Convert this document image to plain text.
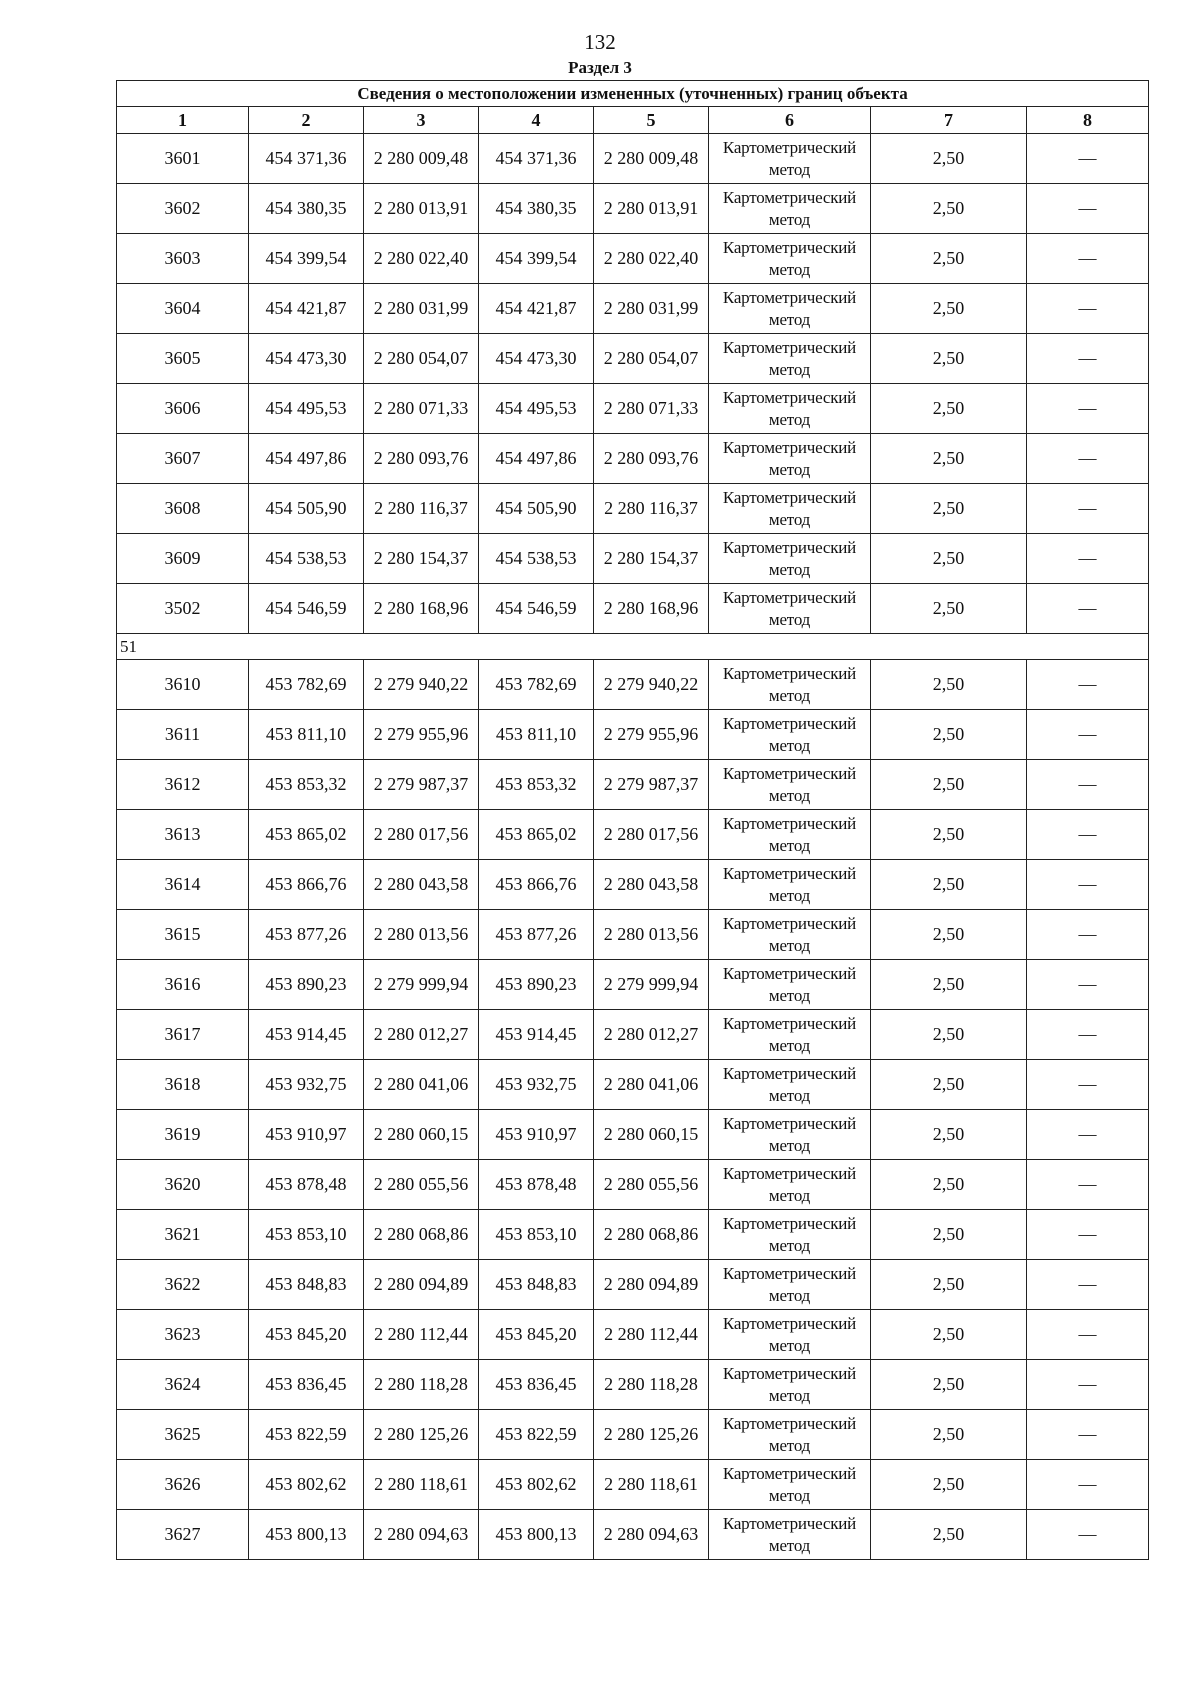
132
Раздел 3
Сведения о местоположении измененных (уточненных) границ объекта							
1	2	3	4	5	6	7	8
3601	454 371,36	2 280 009,48	454 371,36	2 280 009,48	Картометрический метод	2,50	—
3602	454 380,35	2 280 013,91	454 380,35	2 280 013,91	Картометрический метод	2,50	—
3603	454 399,54	2 280 022,40	454 399,54	2 280 022,40	Картометрический метод	2,50	—
3604	454 421,87	2 280 031,99	454 421,87	2 280 031,99	Картометрический метод	2,50	—
3605	454 473,30	2 280 054,07	454 473,30	2 280 054,07	Картометрический метод	2,50	—
3606	454 495,53	2 280 071,33	454 495,53	2 280 071,33	Картометрический метод	2,50	—
3607	454 497,86	2 280 093,76	454 497,86	2 280 093,76	Картометрический метод	2,50	—
3608	454 505,90	2 280 116,37	454 505,90	2 280 116,37	Картометрический метод	2,50	—
3609	454 538,53	2 280 154,37	454 538,53	2 280 154,37	Картометрический метод	2,50	—
3502	454 546,59	2 280 168,96	454 546,59	2 280 168,96	Картометрический метод	2,50	—
51							
3610	453 782,69	2 279 940,22	453 782,69	2 279 940,22	Картометрический метод	2,50	—
3611	453 811,10	2 279 955,96	453 811,10	2 279 955,96	Картометрический метод	2,50	—
3612	453 853,32	2 279 987,37	453 853,32	2 279 987,37	Картометрический метод	2,50	—
3613	453 865,02	2 280 017,56	453 865,02	2 280 017,56	Картометрический метод	2,50	—
3614	453 866,76	2 280 043,58	453 866,76	2 280 043,58	Картометрический метод	2,50	—
3615	453 877,26	2 280 013,56	453 877,26	2 280 013,56	Картометрический метод	2,50	—
3616	453 890,23	2 279 999,94	453 890,23	2 279 999,94	Картометрический метод	2,50	—
3617	453 914,45	2 280 012,27	453 914,45	2 280 012,27	Картометрический метод	2,50	—
3618	453 932,75	2 280 041,06	453 932,75	2 280 041,06	Картометрический метод	2,50	—
3619	453 910,97	2 280 060,15	453 910,97	2 280 060,15	Картометрический метод	2,50	—
3620	453 878,48	2 280 055,56	453 878,48	2 280 055,56	Картометрический метод	2,50	—
3621	453 853,10	2 280 068,86	453 853,10	2 280 068,86	Картометрический метод	2,50	—
3622	453 848,83	2 280 094,89	453 848,83	2 280 094,89	Картометрический метод	2,50	—
3623	453 845,20	2 280 112,44	453 845,20	2 280 112,44	Картометрический метод	2,50	—
3624	453 836,45	2 280 118,28	453 836,45	2 280 118,28	Картометрический метод	2,50	—
3625	453 822,59	2 280 125,26	453 822,59	2 280 125,26	Картометрический метод	2,50	—
3626	453 802,62	2 280 118,61	453 802,62	2 280 118,61	Картометрический метод	2,50	—
3627	453 800,13	2 280 094,63	453 800,13	2 280 094,63	Картометрический метод	2,50	—
